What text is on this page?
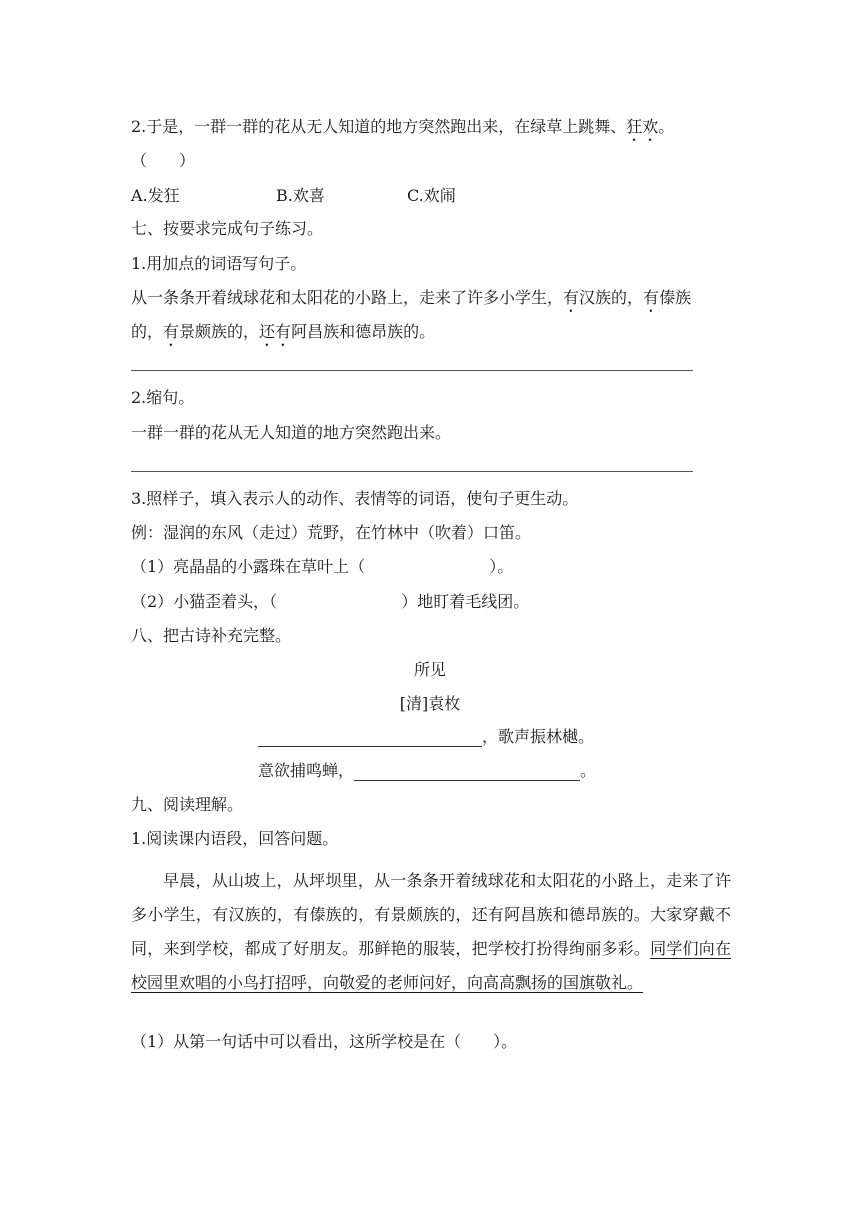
2.于是，一群一群的花从无人知道的地方突然跑出来，在绿草上跳舞、狂欢。
（　　）
A.发狂	B.欢喜	C.欢闹
七、按要求完成句子练习。
1.用加点的词语写句子。
从一条条开着绒球花和太阳花的小路上，走来了许多小学生，有汉族的，有傣族
的，有景颇族的，还有阿昌族和德昂族的。
2.缩句。
一群一群的花从无人知道的地方突然跑出来。
3.照样子，填入表示人的动作、表情等的词语，使句子更生动。
例：湿润的东风（走过）荒野，在竹林中（吹着）口笛。
（1）亮晶晶的小露珠在草叶上（	）。
（2）小猫歪着头，（	）地盯着毛线团。
八、把古诗补充完整。
所见
[清]袁枚
，歌声振林樾。
意欲捕鸣蝉，	。
九、阅读理解。
1.阅读课内语段，回答问题。
早晨，从山坡上，从坪坝里，从一条条开着绒球花和太阳花的小路上，走来了许多小学生，有汉族的，有傣族的，有景颇族的，还有阿昌族和德昂族的。大家穿戴不同，来到学校，都成了好朋友。那鲜艳的服装，把学校打扮得绚丽多彩。同学们向在校园里欢唱的小鸟打招呼，向敬爱的老师问好，向高高飘扬的国旗敬礼。
（1）从第一句话中可以看出，这所学校是在（　　）。
